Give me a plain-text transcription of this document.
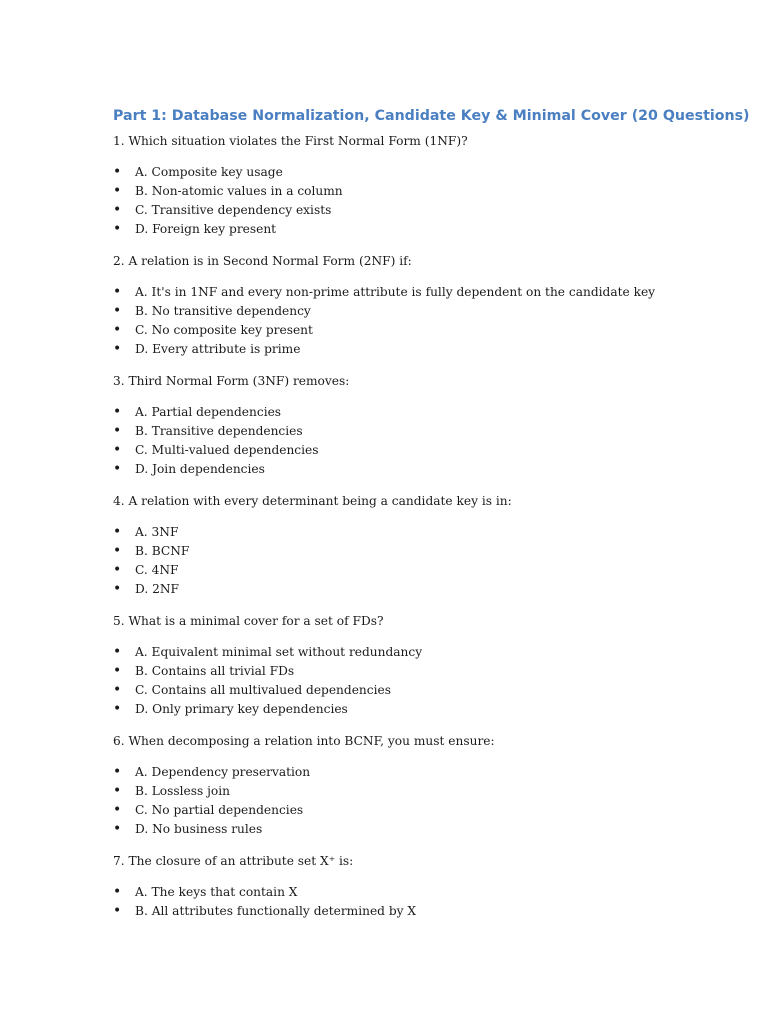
Part 1: Database Normalization, Candidate Key & Minimal Cover (20 Questions)

1. Which situation violates the First Normal Form (1NF)?

• A. Composite key usage
• B. Non-atomic values in a column
• C. Transitive dependency exists
• D. Foreign key present

2. A relation is in Second Normal Form (2NF) if:

• A. It's in 1NF and every non-prime attribute is fully dependent on the candidate key
• B. No transitive dependency
• C. No composite key present
• D. Every attribute is prime

3. Third Normal Form (3NF) removes:

• A. Partial dependencies
• B. Transitive dependencies
• C. Multi-valued dependencies
• D. Join dependencies

4. A relation with every determinant being a candidate key is in:

• A. 3NF
• B. BCNF
• C. 4NF
• D. 2NF

5. What is a minimal cover for a set of FDs?

• A. Equivalent minimal set without redundancy
• B. Contains all trivial FDs
• C. Contains all multivalued dependencies
• D. Only primary key dependencies

6. When decomposing a relation into BCNF, you must ensure:

• A. Dependency preservation
• B. Lossless join
• C. No partial dependencies
• D. No business rules

7. The closure of an attribute set X⁺ is:

• A. The keys that contain X
• B. All attributes functionally determined by X
